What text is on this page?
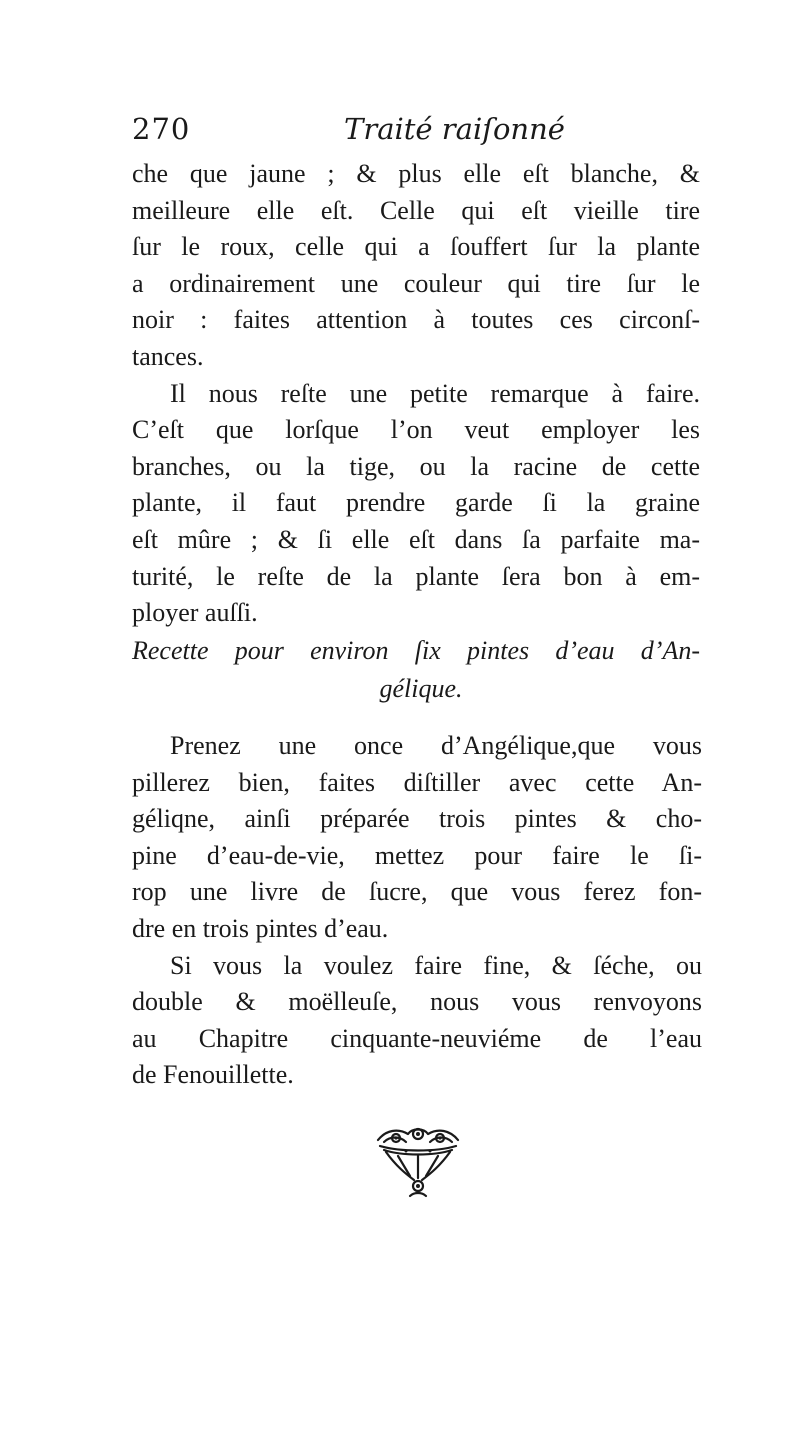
270	Traité raiſonné
che que jaune ; & plus elle eſt blanche, &
meilleure elle eſt. Celle qui eſt vieille tire
ſur le roux, celle qui a ſouffert ſur la plante
a ordinairement une couleur qui tire ſur le
noir : faites attention à toutes ces circonſ-
tances.
Il nous reſte une petite remarque à faire.
C’eſt que lorſque l’on veut employer les
branches, ou la tige, ou la racine de cette
plante, il faut prendre garde ſi la graine
eſt mûre ; & ſi elle eſt dans ſa parfaite ma-
turité, le reſte de la plante ſera bon à em-
ployer auſſi.
Recette pour environ ſix pintes d’eau d’An-
gélique.
Prenez une once d’Angélique,que vous
pillerez bien, faites diſtiller avec cette An-
géliqne, ainſi préparée trois pintes & cho-
pine d’eau-de-vie, mettez pour faire le ſi-
rop une livre de ſucre, que vous ferez fon-
dre en trois pintes d’eau.
Si vous la voulez faire fine, & ſéche, ou
double & moëlleuſe, nous vous renvoyons
au Chapitre cinquante-neuviéme de l’eau
de Fenouillette.
